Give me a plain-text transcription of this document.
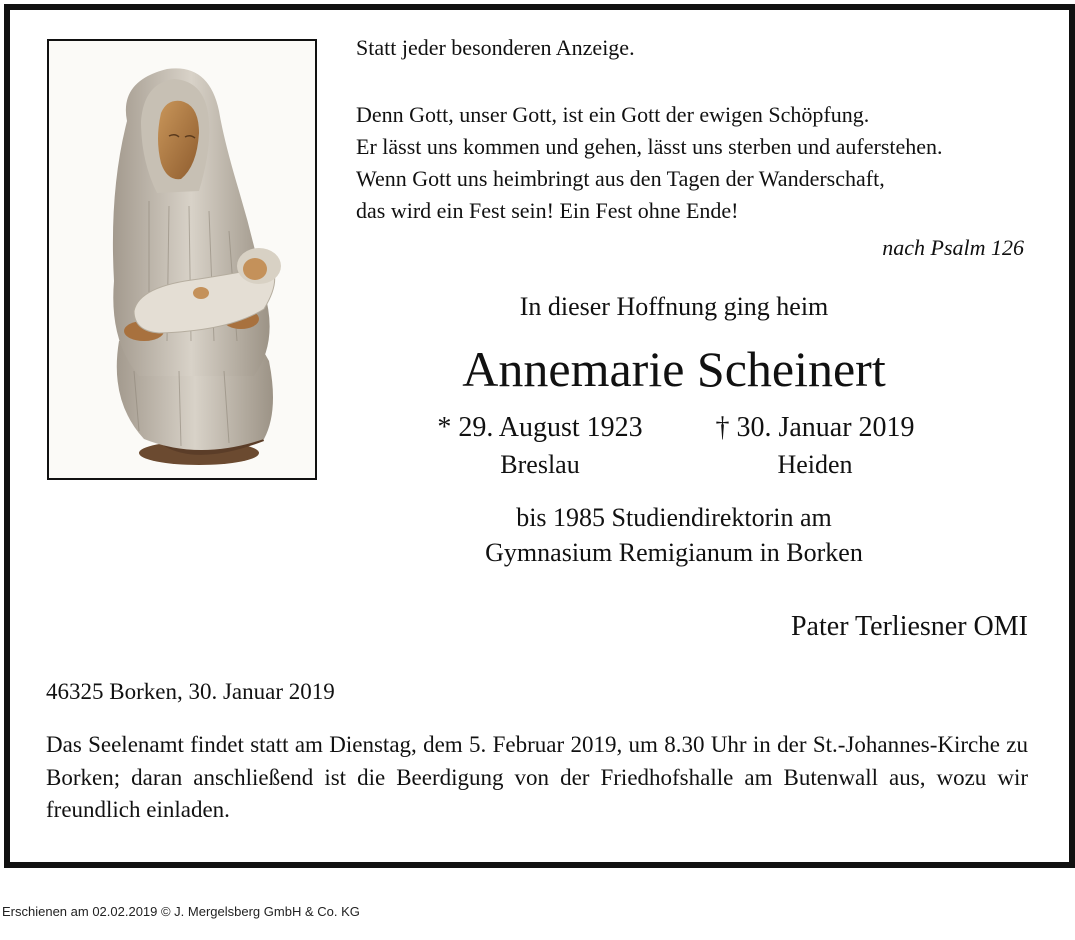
Statt jeder besonderen Anzeige.
Denn Gott, unser Gott, ist ein Gott der ewigen Schöpfung.
Er lässt uns kommen und gehen, lässt uns sterben und auferstehen.
Wenn Gott uns heimbringt aus den Tagen der Wanderschaft,
das wird ein Fest sein! Ein Fest ohne Ende!
nach Psalm 126
In dieser Hoffnung ging heim
Annemarie Scheinert
* 29. August 1923
Breslau
† 30. Januar 2019
Heiden
bis 1985 Studiendirektorin am
Gymnasium Remigianum in Borken
Pater Terliesner OMI
46325 Borken, 30. Januar 2019
Das Seelenamt findet statt am Dienstag, dem 5. Februar 2019, um 8.30 Uhr in der St.-Johannes-Kirche zu Borken; daran anschließend ist die Beerdigung von der Friedhofshalle am Butenwall aus, wozu wir freundlich einladen.
Erschienen am 02.02.2019 © J. Mergelsberg GmbH & Co. KG
